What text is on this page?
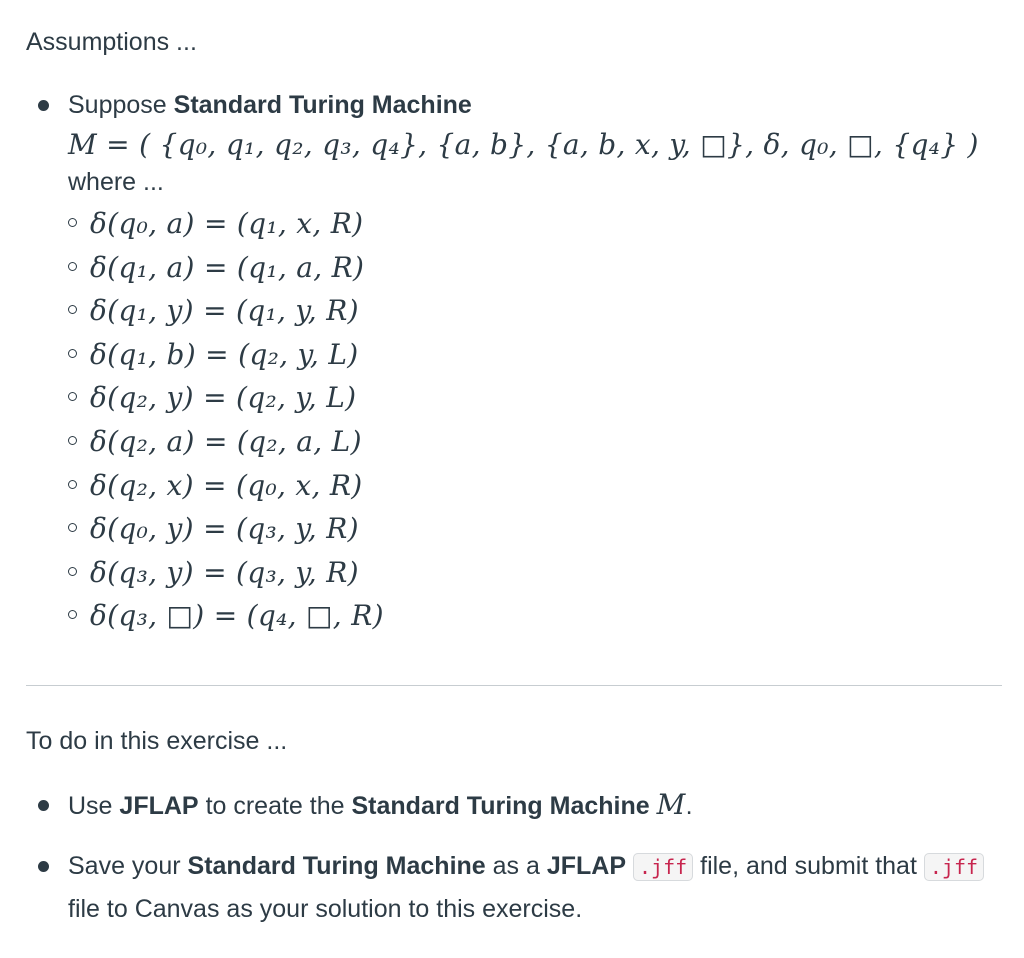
Assumptions ...

Suppose Standard Turing Machine
M = ( {q₀, q₁, q₂, q₃, q₄}, {a, b}, {a, b, x, y, □}, δ, q₀, □, {q₄} )
where ...
δ(q₀, a) = (q₁, x, R)
δ(q₁, a) = (q₁, a, R)
δ(q₁, y) = (q₁, y, R)
δ(q₁, b) = (q₂, y, L)
δ(q₂, y) = (q₂, y, L)
δ(q₂, a) = (q₂, a, L)
δ(q₂, x) = (q₀, x, R)
δ(q₀, y) = (q₃, y, R)
δ(q₃, y) = (q₃, y, R)
δ(q₃, □) = (q₄, □, R)

To do in this exercise ...

Use JFLAP to create the Standard Turing Machine M.
Save your Standard Turing Machine as a JFLAP .jff file, and submit that .jff file to Canvas as your solution to this exercise.
